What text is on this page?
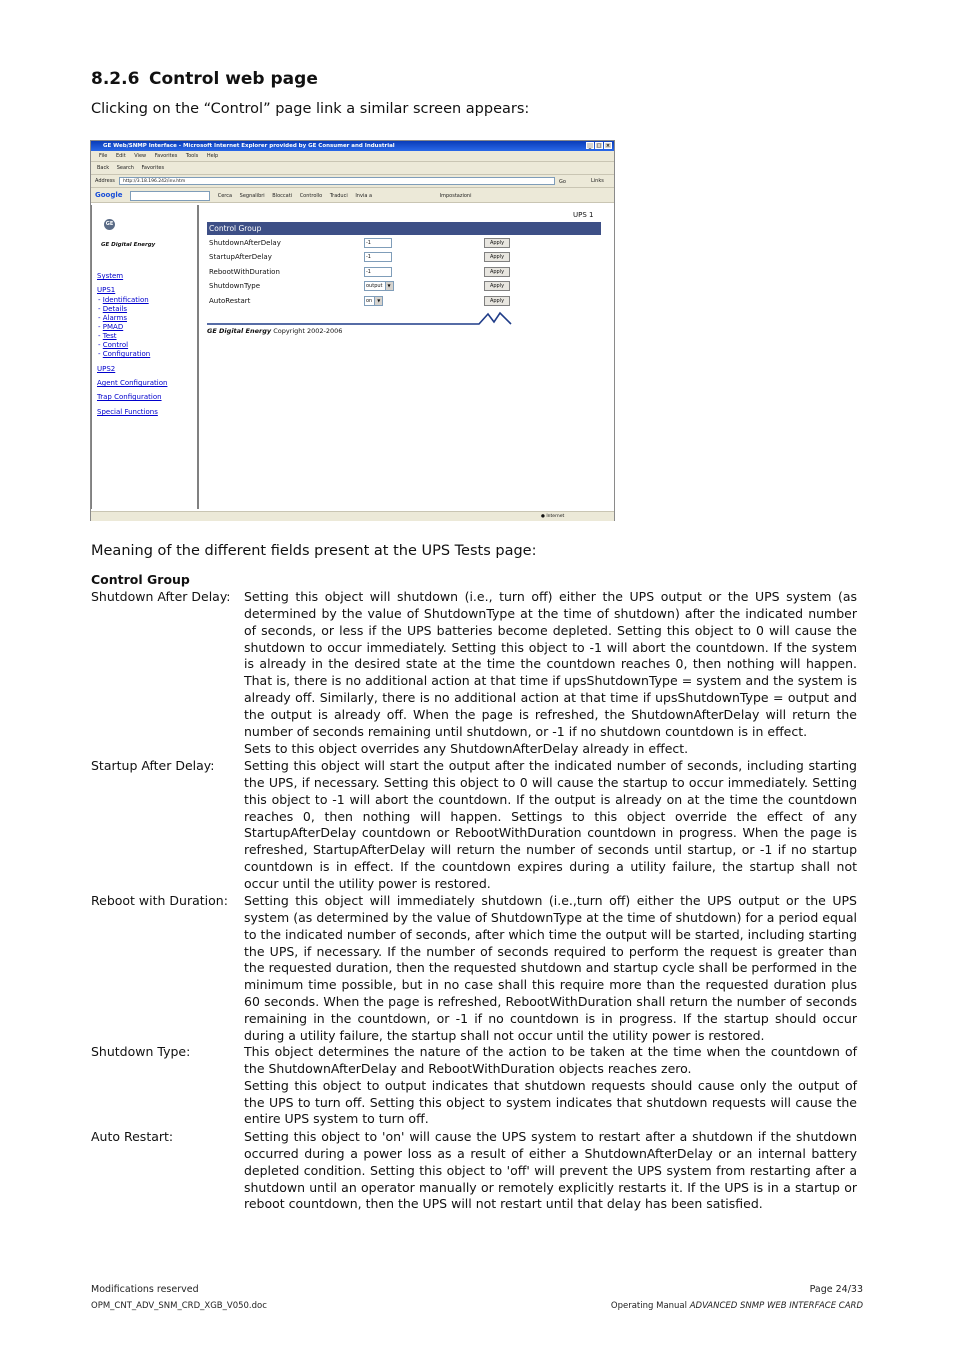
8.2.6 Control web page
Clicking on the “Control” page link a similar screen appears:
GE Web/SNMP Interface - Microsoft Internet Explorer provided by GE Consumer and Industrial	_	□ ×
File Edit View Favorites Tools Help
Back Search Favorites
Address	http://3.18.196.242/inv.htm	Go	Links
Google	Cerca Segnalibri Bloccati Controllo Traduci Invia a	Impostazioni
GE
GE Digital Energy
System
UPS1
- Identification
- Details
- Alarms
- PMAD
- Test
- Control
- Configuration
UPS2
Agent Configuration
Trap Configuration
Special Functions
UPS 1
Control Group
ShutdownAfterDelay	-1	Apply
StartupAfterDelay	-1	Apply
RebootWithDuration	-1	Apply
ShutdownType	output ▼	Apply
AutoRestart	on ▼	Apply
GE Digital Energy Copyright 2002-2006
● Internet
Meaning of the different fields present at the UPS Tests page:
Control Group
Shutdown After Delay:	Setting this object will shutdown (i.e., turn off) either the UPS output or the UPS system (as determined by the value of ShutdownType at the time of shutdown) after the indicated number of seconds, or less if the UPS batteries become depleted. Setting this object to 0 will cause the shutdown to occur immediately. Setting this object to -1 will abort the countdown. If the system is already in the desired state at the time the countdown reaches 0, then nothing will happen. That is, there is no additional action at that time if upsShutdownType = system and the system is already off. Similarly, there is no additional action at that time if upsShutdownType = output and the output is already off. When the page is refreshed, the ShutdownAfterDelay will return the number of seconds remaining until shutdown, or -1 if no shutdown countdown is in effect.

Sets to this object overrides any ShutdownAfterDelay already in effect.

Startup After Delay:	Setting this object will start the output after the indicated number of seconds, including starting the UPS, if necessary. Setting this object to 0 will cause the startup to occur immediately. Setting this object to -1 will abort the countdown. If the output is already on at the time the countdown reaches 0, then nothing will happen. Settings to this object override the effect of any StartupAfterDelay countdown or RebootWithDuration countdown in progress. When the page is refreshed, StartupAfterDelay will return the number of seconds until startup, or -1 if no startup countdown is in effect. If the countdown expires during a utility failure, the startup shall not occur until the utility power is restored.

Reboot with Duration:	Setting this object will immediately shutdown (i.e.,turn off) either the UPS output or the UPS system (as determined by the value of ShutdownType at the time of shutdown) for a period equal to the indicated number of seconds, after which time the output will be started, including starting the UPS, if necessary. If the number of seconds required to perform the request is greater than the requested duration, then the requested shutdown and startup cycle shall be performed in the minimum time possible, but in no case shall this require more than the requested duration plus 60 seconds. When the page is refreshed, RebootWithDuration shall return the number of seconds remaining in the countdown, or -1 if no countdown is in progress. If the startup should occur during a utility failure, the startup shall not occur until the utility power is restored.

Shutdown Type:	This object determines the nature of the action to be taken at the time when the countdown of the ShutdownAfterDelay and RebootWithDuration objects reaches zero.

Setting this object to output indicates that shutdown requests should cause only the output of the UPS to turn off. Setting this object to system indicates that shutdown requests will cause the entire UPS system to turn off.

Auto Restart:	Setting this object to 'on' will cause the UPS system to restart after a shutdown if the shutdown occurred during a power loss as a result of either a ShutdownAfterDelay or an internal battery depleted condition. Setting this object to 'off' will prevent the UPS system from restarting after a shutdown until an operator manually or remotely explicitly restarts it. If the UPS is in a startup or reboot countdown, then the UPS will not restart until that delay has been satisfied.

Modifications reserved
OPM_CNT_ADV_SNM_CRD_XGB_V050.doc
Page 24/33
Operating Manual ADVANCED SNMP WEB INTERFACE CARD
